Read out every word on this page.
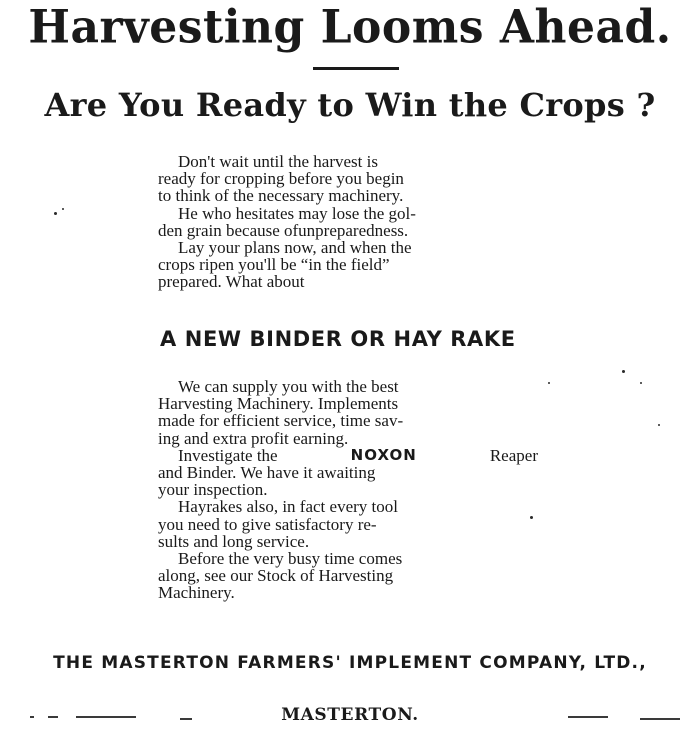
Harvesting Looms Ahead.
Are You Ready to Win the Crops ?
Don't wait until the harvest is
ready for cropping before you begin
to think of the necessary machinery.
He who hesitates may lose the gol-
den grain because ofunpreparedness.
Lay your plans now, and when the
crops ripen you'll be “in the field”
prepared. What about
A NEW BINDER OR HAY RAKE
We can supply you with the best
Harvesting Machinery. Implements
made for efficient service, time sav-
ing and extra profit earning.
Investigate the	NOXON	Reaper
and Binder. We have it awaiting
your inspection.
Hayrakes also, in fact every tool
you need to give satisfactory re-
sults and long service.
Before the very busy time comes
along, see our Stock of Harvesting
Machinery.
THE MASTERTON FARMERS' IMPLEMENT COMPANY, LTD.,
MASTERTON.
